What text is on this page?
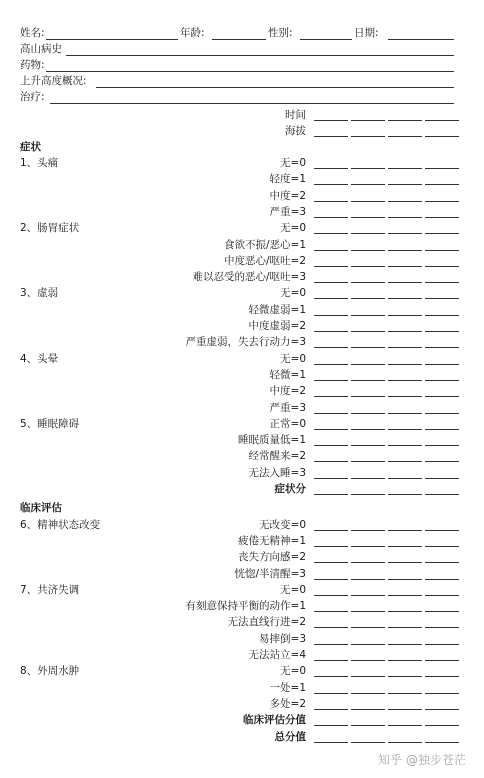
姓名:	年龄:	性别:	日期:
高山病史
药物:
上升高度概况:
治疗:
时间
海拔
症状
1、头痛	无=0
轻度=1
中度=2
严重=3
2、肠胃症状	无=0
食欲不振/恶心=1
中度恶心/呕吐=2
难以忍受的恶心/呕吐=3
3、虚弱	无=0
轻微虚弱=1
中度虚弱=2
严重虚弱，失去行动力=3
4、头晕	无=0
轻微=1
中度=2
严重=3
5、睡眠障碍	正常=0
睡眠质量低=1
经常醒来=2
无法入睡=3
症状分
临床评估
6、精神状态改变	无改变=0
疲倦无精神=1
丧失方向感=2
恍惚/半清醒=3
7、共济失调	无=0
有刻意保持平衡的动作=1
无法直线行进=2
易摔倒=3
无法站立=4
8、外周水肿	无=0
一处=1
多处=2
临床评估分值
总分值
知乎 @独步苍茫
